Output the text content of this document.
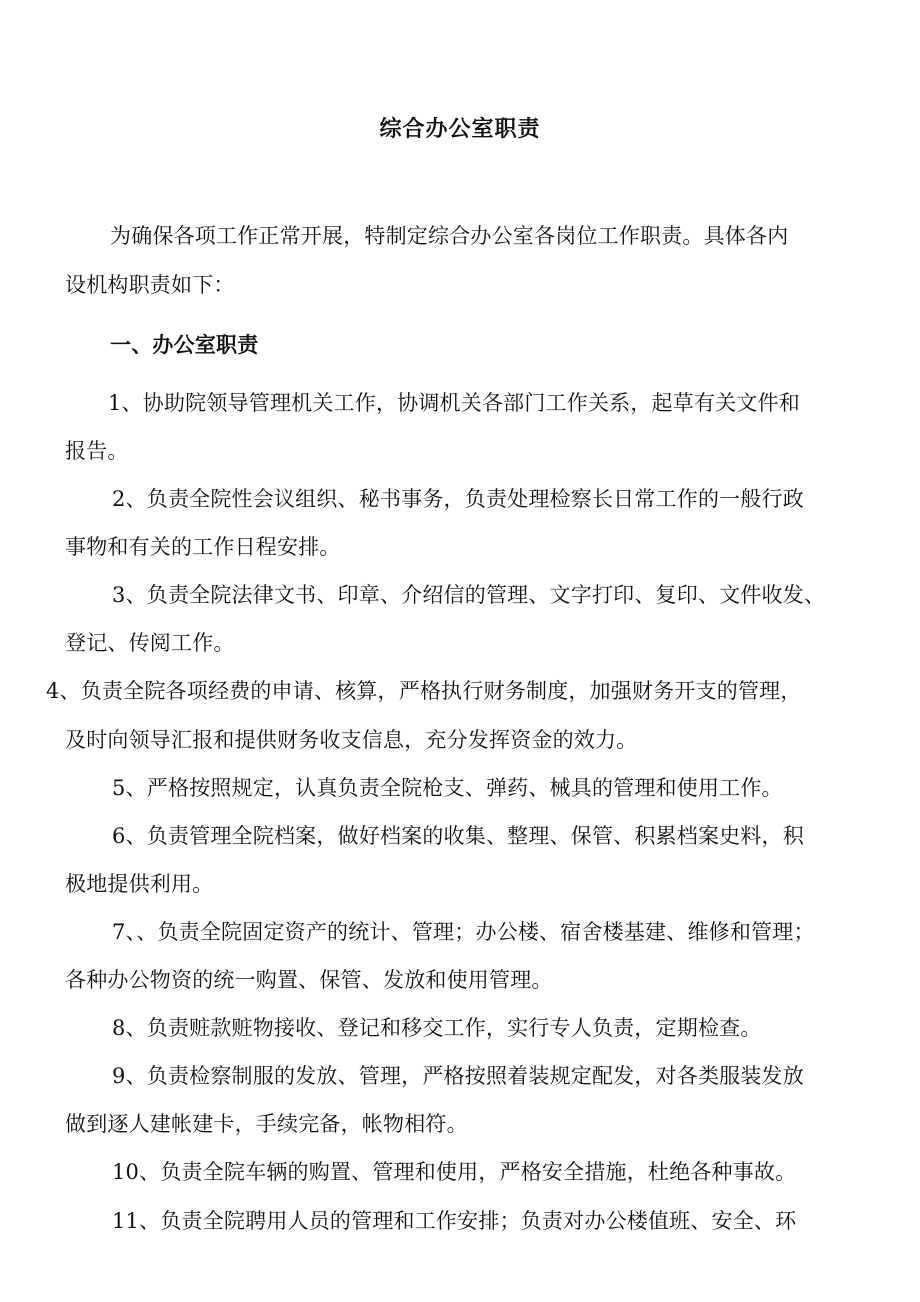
综合办公室职责
为确保各项工作正常开展，特制定综合办公室各岗位工作职责。具体各内
设机构职责如下：
一、办公室职责
1、协助院领导管理机关工作，协调机关各部门工作关系，起草有关文件和
报告。
2、负责全院性会议组织、秘书事务，负责处理检察长日常工作的一般行政
事物和有关的工作日程安排。
3、负责全院法律文书、印章、介绍信的管理、文字打印、复印、文件收发、
登记、传阅工作。
4、负责全院各项经费的申请、核算，严格执行财务制度，加强财务开支的管理，
及时向领导汇报和提供财务收支信息，充分发挥资金的效力。
5、严格按照规定，认真负责全院枪支、弹药、械具的管理和使用工作。
6、负责管理全院档案，做好档案的收集、整理、保管、积累档案史料，积
极地提供利用。
7、、负责全院固定资产的统计、管理；办公楼、宿舍楼基建、维修和管理；
各种办公物资的统一购置、保管、发放和使用管理。
8、负责赃款赃物接收、登记和移交工作，实行专人负责，定期检查。
9、负责检察制服的发放、管理，严格按照着装规定配发，对各类服装发放
做到逐人建帐建卡，手续完备，帐物相符。
10、负责全院车辆的购置、管理和使用，严格安全措施，杜绝各种事故。
11、负责全院聘用人员的管理和工作安排；负责对办公楼值班、安全、环
